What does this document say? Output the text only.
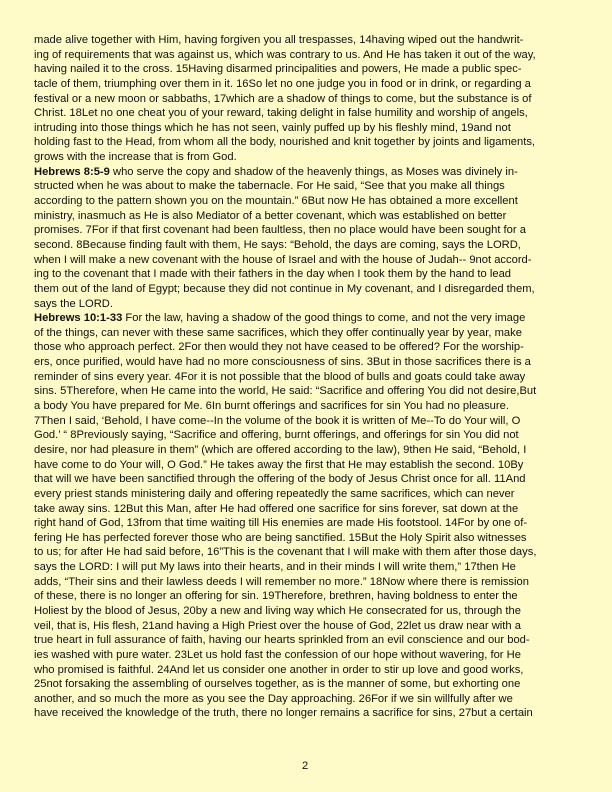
made alive together with Him, having forgiven you all trespasses, 14having wiped out the handwrit-
ing of requirements that was against us, which was contrary to us. And He has taken it out of the way,
having nailed it to the cross. 15Having disarmed principalities and powers, He made a public spec-
tacle of them, triumphing over them in it. 16So let no one judge you in food or in drink, or regarding a
festival or a new moon or sabbaths, 17which are a shadow of things to come, but the substance is of
Christ. 18Let no one cheat you of your reward, taking delight in false humility and worship of angels,
intruding into those things which he has not seen, vainly puffed up by his fleshly mind, 19and not
holding fast to the Head, from whom all the body, nourished and knit together by joints and ligaments,
grows with the increase that is from God.
Hebrews 8:5-9 who serve the copy and shadow of the heavenly things, as Moses was divinely in-
structed when he was about to make the tabernacle. For He said, “See that you make all things
according to the pattern shown you on the mountain.” 6But now He has obtained a more excellent
ministry, inasmuch as He is also Mediator of a better covenant, which was established on better
promises. 7For if that first covenant had been faultless, then no place would have been sought for a
second. 8Because finding fault with them, He says: “Behold, the days are coming, says the LORD,
when I will make a new covenant with the house of Israel and with the house of Judah-- 9not accord-
ing to the covenant that I made with their fathers in the day when I took them by the hand to lead
them out of the land of Egypt; because they did not continue in My covenant, and I disregarded them,
says the LORD.
Hebrews 10:1-33 For the law, having a shadow of the good things to come, and not the very image
of the things, can never with these same sacrifices, which they offer continually year by year, make
those who approach perfect. 2For then would they not have ceased to be offered? For the worship-
ers, once purified, would have had no more consciousness of sins. 3But in those sacrifices there is a
reminder of sins every year. 4For it is not possible that the blood of bulls and goats could take away
sins. 5Therefore, when He came into the world, He said: “Sacrifice and offering You did not desire,But
a body You have prepared for Me. 6In burnt offerings and sacrifices for sin You had no pleasure.
7Then I said, ‘Behold, I have come--In the volume of the book it is written of Me--To do Your will, O
God.’ “ 8Previously saying, “Sacrifice and offering, burnt offerings, and offerings for sin You did not
desire, nor had pleasure in them” (which are offered according to the law), 9then He said, “Behold, I
have come to do Your will, O God.” He takes away the first that He may establish the second. 10By
that will we have been sanctified through the offering of the body of Jesus Christ once for all. 11And
every priest stands ministering daily and offering repeatedly the same sacrifices, which can never
take away sins. 12But this Man, after He had offered one sacrifice for sins forever, sat down at the
right hand of God, 13from that time waiting till His enemies are made His footstool. 14For by one of-
fering He has perfected forever those who are being sanctified. 15But the Holy Spirit also witnesses
to us; for after He had said before, 16”This is the covenant that I will make with them after those days,
says the LORD: I will put My laws into their hearts, and in their minds I will write them,” 17then He
adds, “Their sins and their lawless deeds I will remember no more.” 18Now where there is remission
of these, there is no longer an offering for sin. 19Therefore, brethren, having boldness to enter the
Holiest by the blood of Jesus, 20by a new and living way which He consecrated for us, through the
veil, that is, His flesh, 21and having a High Priest over the house of God, 22let us draw near with a
true heart in full assurance of faith, having our hearts sprinkled from an evil conscience and our bod-
ies washed with pure water. 23Let us hold fast the confession of our hope without wavering, for He
who promised is faithful. 24And let us consider one another in order to stir up love and good works,
25not forsaking the assembling of ourselves together, as is the manner of some, but exhorting one
another, and so much the more as you see the Day approaching. 26For if we sin willfully after we
have received the knowledge of the truth, there no longer remains a sacrifice for sins, 27but a certain
2
